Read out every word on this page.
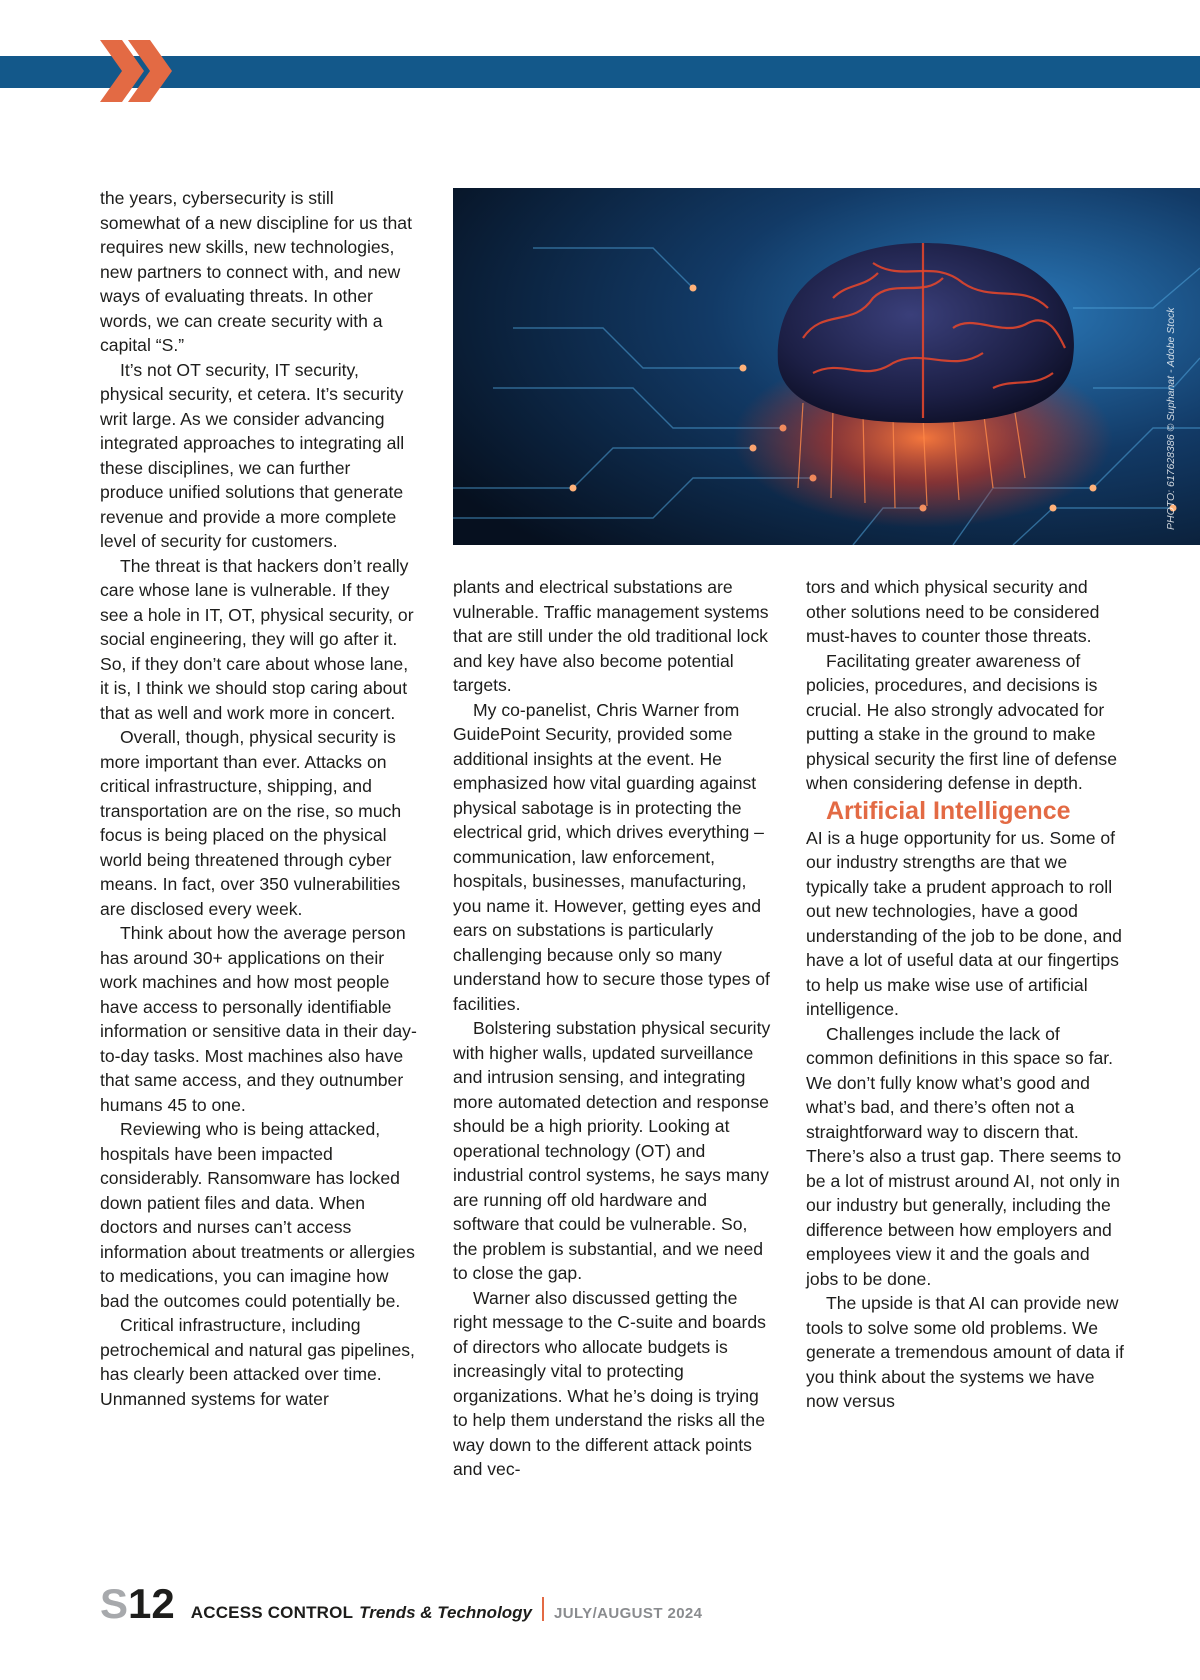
the years, cybersecurity is still somewhat of a new discipline for us that requires new skills, new technologies, new partners to connect with, and new ways of evaluating threats. In other words, we can create security with a capital “S.”

It’s not OT security, IT security, physical security, et cetera. It’s security writ large. As we consider advancing integrated approaches to integrating all these disciplines, we can further produce unified solutions that generate revenue and provide a more complete level of security for customers.

The threat is that hackers don’t really care whose lane is vulnerable. If they see a hole in IT, OT, physical security, or social engineering, they will go after it. So, if they don’t care about whose lane, it is, I think we should stop caring about that as well and work more in concert.

Overall, though, physical security is more important than ever. Attacks on critical infrastructure, shipping, and transportation are on the rise, so much focus is being placed on the physical world being threatened through cyber means. In fact, over 350 vulnerabilities are disclosed every week.

Think about how the average person has around 30+ applications on their work machines and how most people have access to personally identifiable information or sensitive data in their day-to-day tasks. Most machines also have that same access, and they outnumber humans 45 to one.

Reviewing who is being attacked, hospitals have been impacted considerably. Ransomware has locked down patient files and data. When doctors and nurses can’t access information about treatments or allergies to medications, you can imagine how bad the outcomes could potentially be.

Critical infrastructure, including petrochemical and natural gas pipelines, has clearly been attacked over time. Unmanned systems for water

PHOTO: 617628386 © Suphanat - Adobe Stock

plants and electrical substations are vulnerable. Traffic management systems that are still under the old traditional lock and key have also become potential targets.

My co-panelist, Chris Warner from GuidePoint Security, provided some additional insights at the event. He emphasized how vital guarding against physical sabotage is in protecting the electrical grid, which drives everything – communication, law enforcement, hospitals, businesses, manufacturing, you name it. However, getting eyes and ears on substations is particularly challenging because only so many understand how to secure those types of facilities.

Bolstering substation physical security with higher walls, updated surveillance and intrusion sensing, and integrating more automated detection and response should be a high priority. Looking at operational technology (OT) and industrial control systems, he says many are running off old hardware and software that could be vulnerable. So, the problem is substantial, and we need to close the gap.

Warner also discussed getting the right message to the C-suite and boards of directors who allocate budgets is increasingly vital to protecting organizations. What he’s doing is trying to help them understand the risks all the way down to the different attack points and vec-

tors and which physical security and other solutions need to be considered must-haves to counter those threats.

Facilitating greater awareness of policies, procedures, and decisions is crucial. He also strongly advocated for putting a stake in the ground to make physical security the first line of defense when considering defense in depth.

Artificial Intelligence

AI is a huge opportunity for us. Some of our industry strengths are that we typically take a prudent approach to roll out new technologies, have a good understanding of the job to be done, and have a lot of useful data at our fingertips to help us make wise use of artificial intelligence.

Challenges include the lack of common definitions in this space so far. We don’t fully know what’s good and what’s bad, and there’s often not a straightforward way to discern that. There’s also a trust gap. There seems to be a lot of mistrust around AI, not only in our industry but generally, including the difference between how employers and employees view it and the goals and jobs to be done.

The upside is that AI can provide new tools to solve some old problems. We generate a tremendous amount of data if you think about the systems we have now versus

S 12 ACCESS CONTROL Trends & Technology JULY/AUGUST 2024
